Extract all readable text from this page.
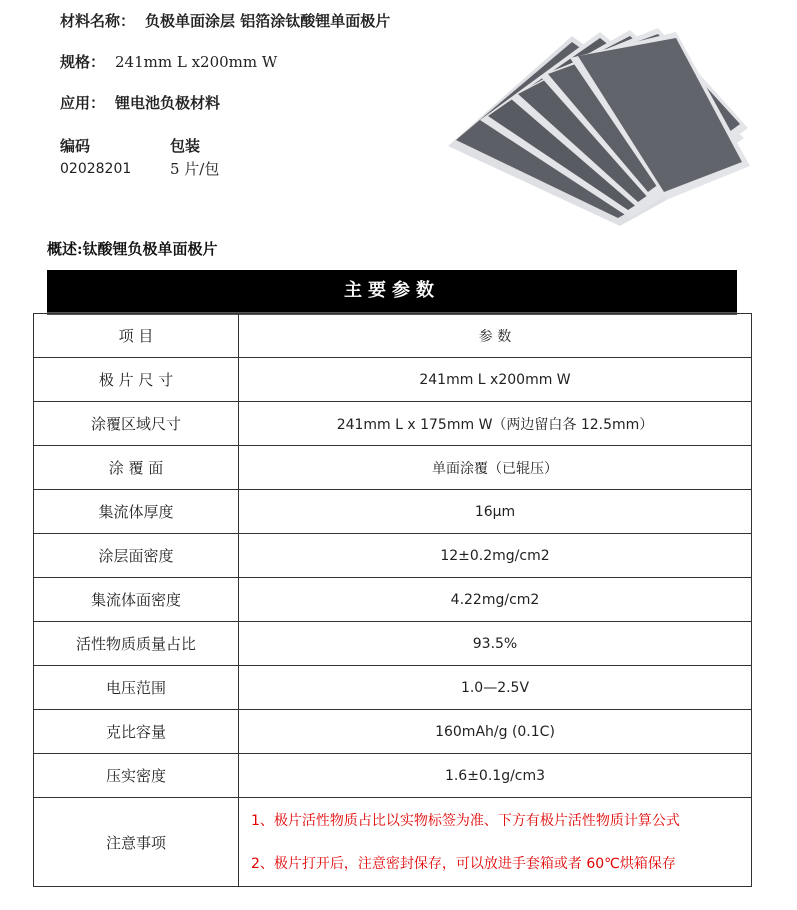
材料名称： 负极单面涂层 铝箔涂钛酸锂单面极片
规格： 241mm L x200mm W
应用： 锂电池负极材料
编码	包装
02028201	5 片/包
概述:钛酸锂负极单面极片
主要参数
项 目	参 数
极 片 尺 寸	241mm L x200mm W
涂覆区域尺寸	241mm L x 175mm W（两边留白各 12.5mm）
涂 覆 面	单面涂覆（已辊压）
集流体厚度	16μm
涂层面密度	12±0.2mg/cm2
集流体面密度	4.22mg/cm2
活性物质质量占比	93.5%
电压范围	1.0—2.5V
克比容量	160mAh/g (0.1C)
压实密度	1.6±0.1g/cm3
注意事项	1、极片活性物质占比以实物标签为准、下方有极片活性物质计算公式
2、极片打开后，注意密封保存，可以放进手套箱或者 60℃烘箱保存
